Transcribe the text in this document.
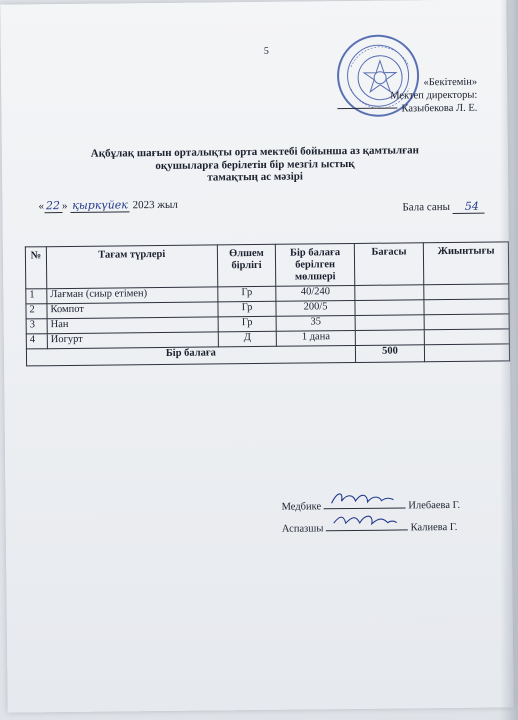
5
«Бекітемін»
Мектеп директоры:
Казыбекова Л. Е.
Ақбұлақ шағын орталықты орта мектебі бойынша аз қамтылған
оқушыларға берілетін бір мезгіл ыстық
тамақтың ас мәзірі
« 22 » қыркүйек 2023 жыл	Бала саны 54
№	Тағам түрлері	Өлшем бірлігі	Бір балаға берілген мөлшері	Бағасы	Жиынтығы
1	Лағман (сиыр етімен)	Гр	40/240		
2	Компот	Гр	200/5		
3	Нан	Гр	35		
4	Иогурт	Д	1 дана		
Бір балаға				500	
Медбике	Илебаева Г.
Аспазшы	Калиева Г.
